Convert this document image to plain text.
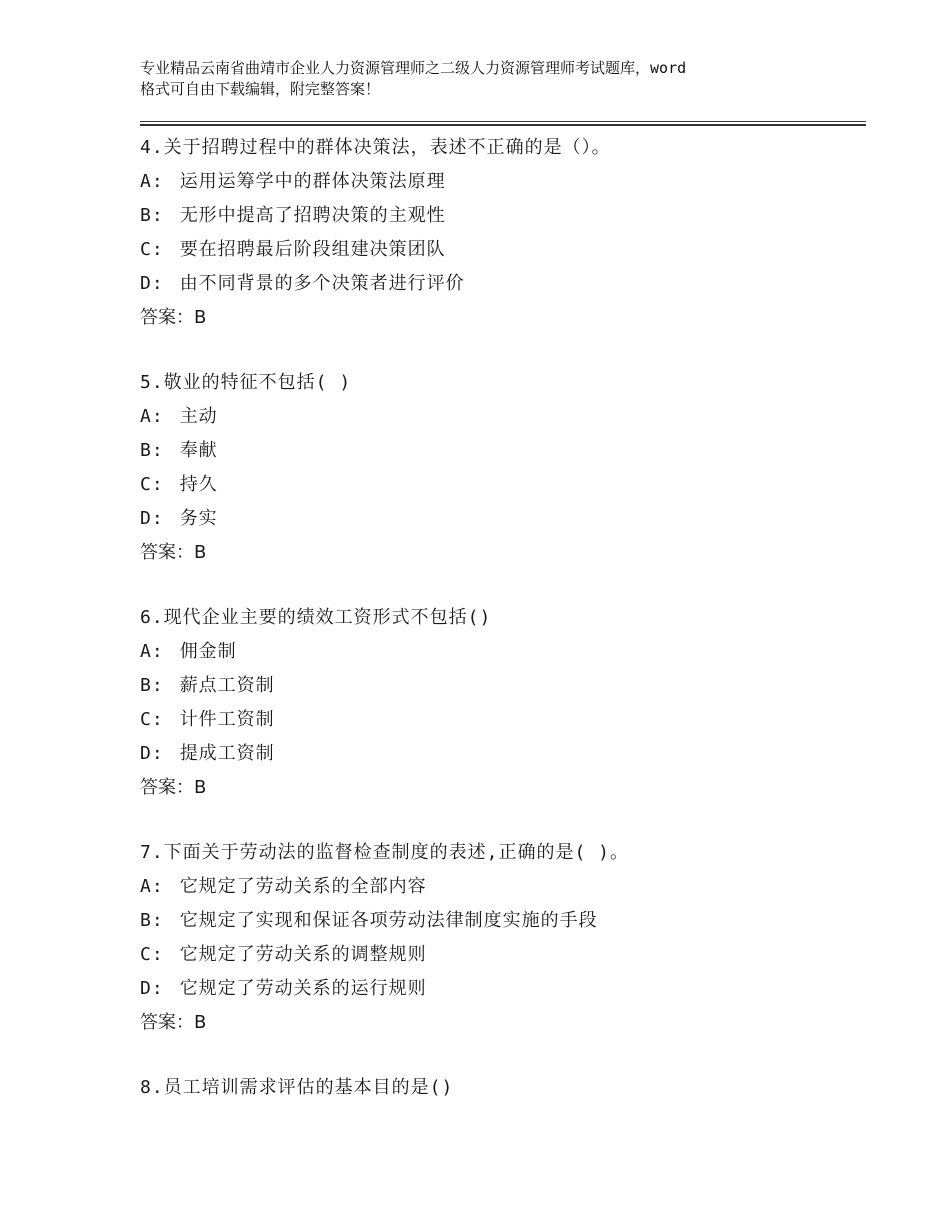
专业精品云南省曲靖市企业人力资源管理师之二级人力资源管理师考试题库，word
格式可自由下载编辑，附完整答案！
4.关于招聘过程中的群体决策法，表述不正确的是（）。
A: 运用运筹学中的群体决策法原理
B: 无形中提高了招聘决策的主观性
C: 要在招聘最后阶段组建决策团队
D: 由不同背景的多个决策者进行评价
答案：B
5.敬业的特征不包括( )
A: 主动
B: 奉献
C: 持久
D: 务实
答案：B
6.现代企业主要的绩效工资形式不包括()
A: 佣金制
B: 薪点工资制
C: 计件工资制
D: 提成工资制
答案：B
7.下面关于劳动法的监督检查制度的表述,正确的是( )。
A: 它规定了劳动关系的全部内容
B: 它规定了实现和保证各项劳动法律制度实施的手段
C: 它规定了劳动关系的调整规则
D: 它规定了劳动关系的运行规则
答案：B
8.员工培训需求评估的基本目的是()
